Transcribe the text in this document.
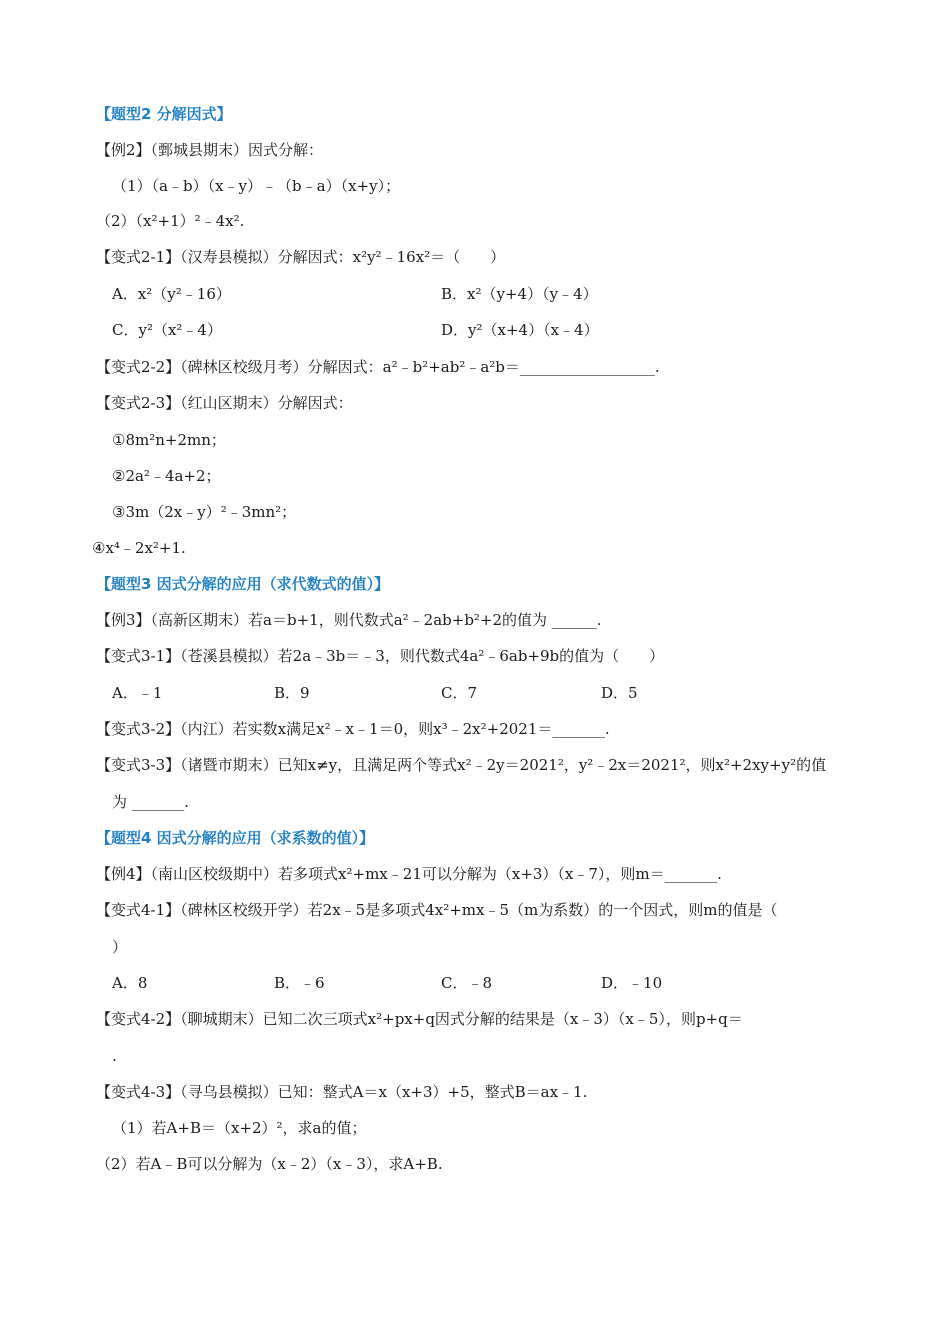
【题型2 分解因式】
【例2】（鄄城县期末）因式分解：
（1）（a﹣b）（x﹣y）﹣（b﹣a）（x+y）；
（2）（x²+1）²﹣4x².
【变式2-1】（汉寿县模拟）分解因式：x²y²﹣16x²＝（　　）
A．x²（y²﹣16）	B．x²（y+4）（y﹣4）
C．y²（x²﹣4）	D．y²（x+4）（x﹣4）
【变式2-2】（碑林区校级月考）分解因式：a²﹣b²+ab²﹣a²b＝__________________.
【变式2-3】（红山区期末）分解因式：
①8m²n+2mn；
②2a²﹣4a+2；
③3m（2x﹣y）²﹣3mn²；
④x⁴﹣2x²+1.
【题型3 因式分解的应用（求代数式的值）】
【例3】（高新区期末）若a＝b+1，则代数式a²﹣2ab+b²+2的值为 ______.
【变式3-1】（苍溪县模拟）若2a﹣3b＝﹣3，则代数式4a²﹣6ab+9b的值为（　　）
A．﹣1	B．9	C．7	D．5
【变式3-2】（内江）若实数x满足x²﹣x﹣1＝0，则x³﹣2x²+2021＝_______.
【变式3-3】（诸暨市期末）已知x≠y，且满足两个等式x²﹣2y＝2021²，y²﹣2x＝2021²，则x²+2xy+y²的值
为 _______.
【题型4 因式分解的应用（求系数的值）】
【例4】（南山区校级期中）若多项式x²+mx﹣21可以分解为（x+3）（x﹣7），则m＝_______.
【变式4-1】（碑林区校级开学）若2x﹣5是多项式4x²+mx﹣5（m为系数）的一个因式，则m的值是（
）
A．8	B．﹣6	C．﹣8	D．﹣10
【变式4-2】（聊城期末）已知二次三项式x²+px+q因式分解的结果是（x﹣3）（x﹣5），则p+q＝
.
【变式4-3】（寻乌县模拟）已知：整式A＝x（x+3）+5，整式B＝ax﹣1.
（1）若A+B＝（x+2）²，求a的值；
（2）若A﹣B可以分解为（x﹣2）（x﹣3），求A+B.
